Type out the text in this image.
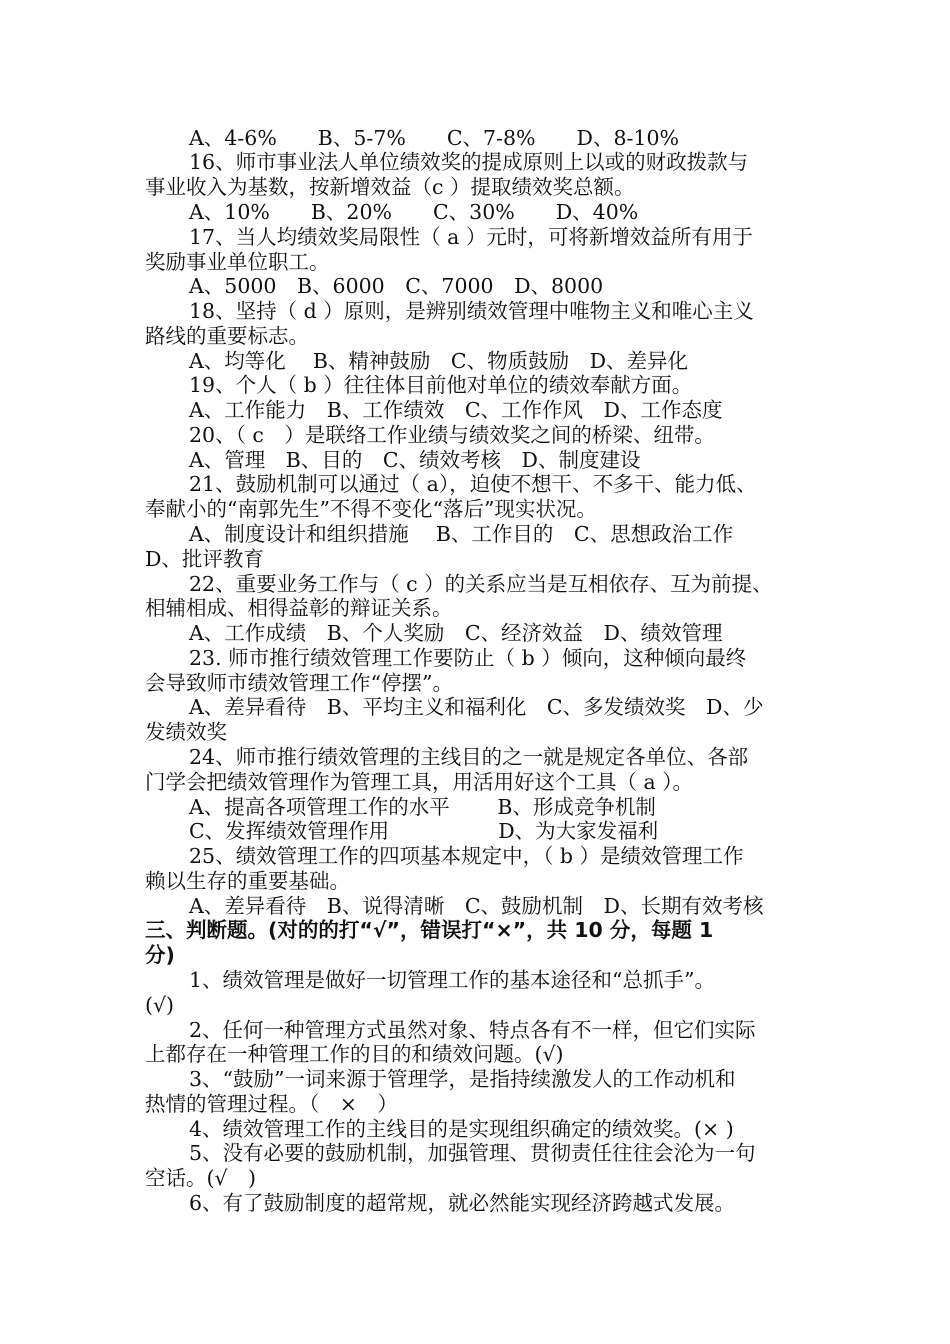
A、4-6%　　B、5-7%　　C、7-8%　　D、8-10%
16、师市事业法人单位绩效奖的提成原则上以或的财政拨款与
事业收入为基数，按新增效益（c ）提取绩效奖总额。
A、10%　　B、20%　　C、30%　　D、40%
17、当人均绩效奖局限性（ a ）元时，可将新增效益所有用于
奖励事业单位职工。
A、5000　B、6000　C、7000　D、8000
18、坚持（ d ）原则，是辨别绩效管理中唯物主义和唯心主义
路线的重要标志。
A、均等化　 B、精神鼓励　C、物质鼓励　D、差异化
19、个人（ b ）往往体目前他对单位的绩效奉献方面。
A、工作能力　B、工作绩效　C、工作作风　D、工作态度
20、（ c　）是联络工作业绩与绩效奖之间的桥梁、纽带。
A、管理　B、目的　C、绩效考核　D、制度建设
21、鼓励机制可以通过（ a），迫使不想干、不多干、能力低、
奉献小的“南郭先生”不得不变化“落后”现实状况。
A、制度设计和组织措施　 B、工作目的　C、思想政治工作
D、批评教育
22、重要业务工作与（ c ）的关系应当是互相依存、互为前提、
相辅相成、相得益彰的辩证关系。
A、工作成绩　B、个人奖励　C、经济效益　D、绩效管理
23. 师市推行绩效管理工作要防止（ b ）倾向，这种倾向最终
会导致师市绩效管理工作“停摆”。
A、差异看待　B、平均主义和福利化　C、多发绩效奖　D、少
发绩效奖
24、师市推行绩效管理的主线目的之一就是规定各单位、各部
门学会把绩效管理作为管理工具，用活用好这个工具（ a ）。
A、提高各项管理工作的水平　　 B、形成竞争机制
C、发挥绩效管理作用　　　　　 D、为大家发福利
25、绩效管理工作的四项基本规定中，（ b ）是绩效管理工作
赖以生存的重要基础。
A、差异看待　B、说得清晰　C、鼓励机制　D、长期有效考核
三、判断题。(对的的打“√”，错误打“×”，共 10 分，每题 1
分)
1、绩效管理是做好一切管理工作的基本途径和“总抓手”。
(√)
2、任何一种管理方式虽然对象、特点各有不一样，但它们实际
上都存在一种管理工作的目的和绩效问题。(√)
3、“鼓励”一词来源于管理学，是指持续激发人的工作动机和
热情的管理过程。（　×　）
4、绩效管理工作的主线目的是实现组织确定的绩效奖。(× )
5、没有必要的鼓励机制，加强管理、贯彻责任往往会沦为一句
空话。(√　)
6、有了鼓励制度的超常规，就必然能实现经济跨越式发展。
